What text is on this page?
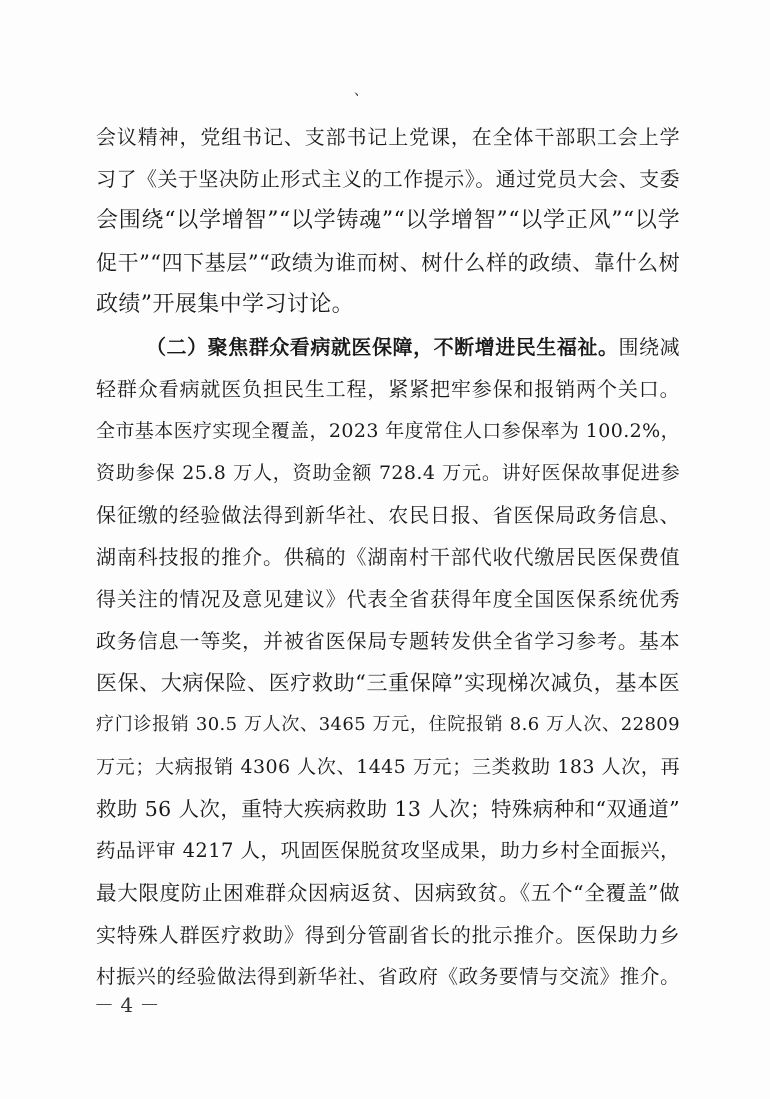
、
会议精神，党组书记、支部书记上党课，在全体干部职工会上学
习了《关于坚决防止形式主义的工作提示》。通过党员大会、支委
会围绕“以学增智”“以学铸魂”“以学增智”“以学正风”“以学
促干”“四下基层”“政绩为谁而树、树什么样的政绩、靠什么树
政绩”开展集中学习讨论。
（二）聚焦群众看病就医保障，不断增进民生福祉。围绕减
轻群众看病就医负担民生工程，紧紧把牢参保和报销两个关口。
全市基本医疗实现全覆盖，2023 年度常住人口参保率为 100.2%，
资助参保 25.8 万人，资助金额 728.4 万元。讲好医保故事促进参
保征缴的经验做法得到新华社、农民日报、省医保局政务信息、
湖南科技报的推介。供稿的《湖南村干部代收代缴居民医保费值
得关注的情况及意见建议》代表全省获得年度全国医保系统优秀
政务信息一等奖，并被省医保局专题转发供全省学习参考。基本
医保、大病保险、医疗救助“三重保障”实现梯次减负，基本医
疗门诊报销 30.5 万人次、3465 万元，住院报销 8.6 万人次、22809
万元；大病报销 4306 人次、1445 万元；三类救助 183 人次，再
救助 56 人次，重特大疾病救助 13 人次；特殊病种和“双通道”
药品评审 4217 人，巩固医保脱贫攻坚成果，助力乡村全面振兴，
最大限度防止困难群众因病返贫、因病致贫。《五个“全覆盖”做
实特殊人群医疗救助》得到分管副省长的批示推介。医保助力乡
村振兴的经验做法得到新华社、省政府《政务要情与交流》推介。
－ 4 －
